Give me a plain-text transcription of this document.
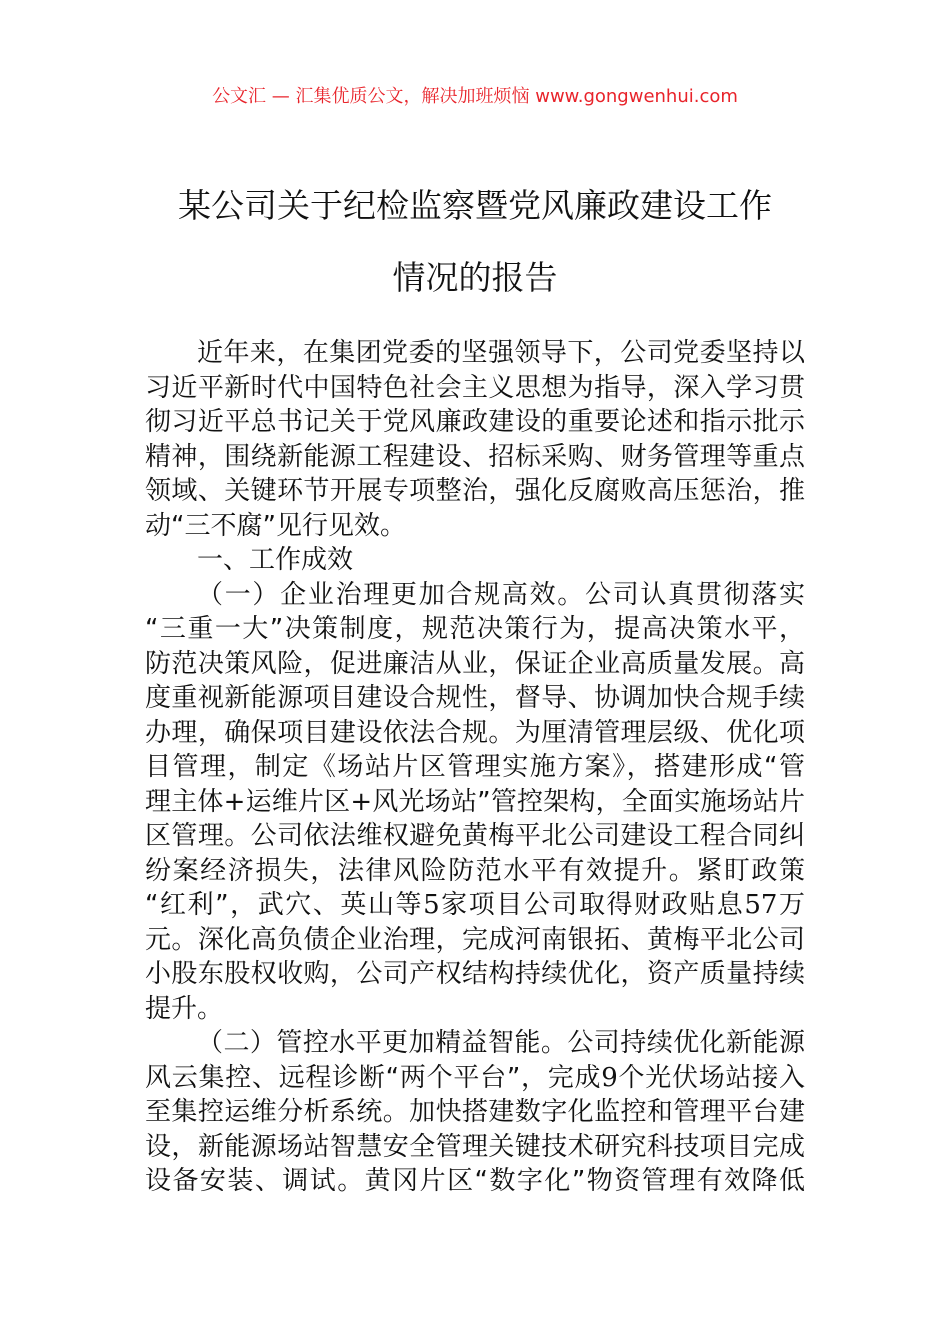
公文汇 — 汇集优质公文，解决加班烦恼 www.gongwenhui.com
某公司关于纪检监察暨党风廉政建设工作
情况的报告
近年来，在集团党委的坚强领导下，公司党委坚持以
习近平新时代中国特色社会主义思想为指导，深入学习贯
彻习近平总书记关于党风廉政建设的重要论述和指示批示
精神，围绕新能源工程建设、招标采购、财务管理等重点
领域、关键环节开展专项整治，强化反腐败高压惩治，推
动“三不腐”见行见效。
一、工作成效
（一）企业治理更加合规高效。公司认真贯彻落实
“三重一大”决策制度，规范决策行为，提高决策水平，
防范决策风险，促进廉洁从业，保证企业高质量发展。高
度重视新能源项目建设合规性，督导、协调加快合规手续
办理，确保项目建设依法合规。为厘清管理层级、优化项
目管理，制定《场站片区管理实施方案》，搭建形成“管
理主体+运维片区+风光场站”管控架构，全面实施场站片
区管理。公司依法维权避免黄梅平北公司建设工程合同纠
纷案经济损失，法律风险防范水平有效提升。紧盯政策
“红利”，武穴、英山等5家项目公司取得财政贴息57万
元。深化高负债企业治理，完成河南银拓、黄梅平北公司
小股东股权收购，公司产权结构持续优化，资产质量持续
提升。
（二）管控水平更加精益智能。公司持续优化新能源
风云集控、远程诊断“两个平台”，完成9个光伏场站接入
至集控运维分析系统。加快搭建数字化监控和管理平台建
设，新能源场站智慧安全管理关键技术研究科技项目完成
设备安装、调试。黄冈片区“数字化”物资管理有效降低
